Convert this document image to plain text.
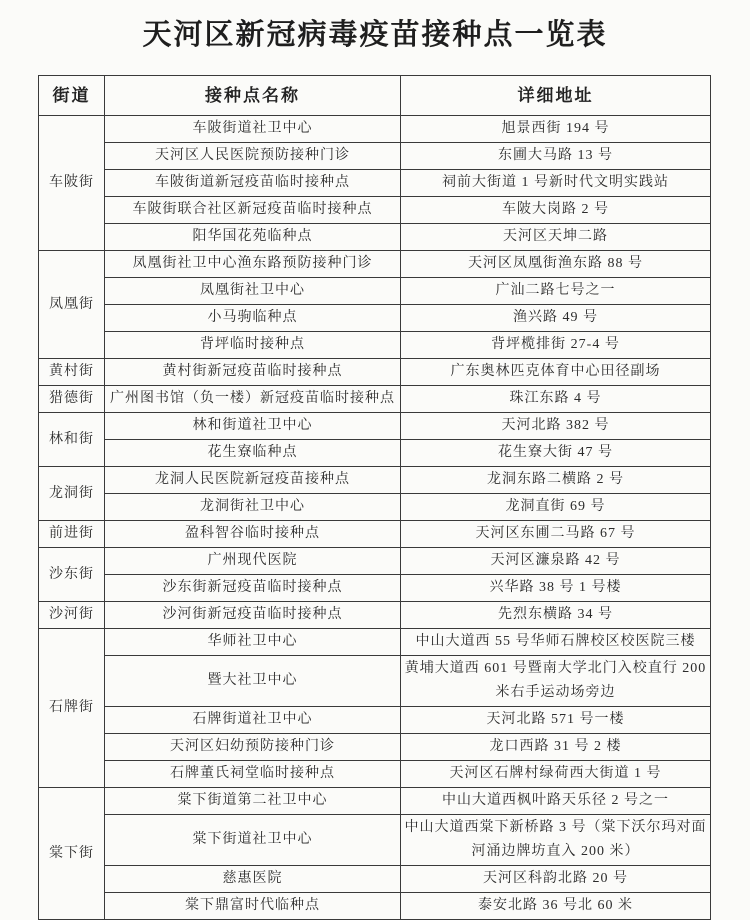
天河区新冠病毒疫苗接种点一览表
街道	接种点名称	详细地址
车陂街	车陂街道社卫中心	旭景西街 194 号
	天河区人民医院预防接种门诊	东圃大马路 13 号
	车陂街道新冠疫苗临时接种点	祠前大街道 1 号新时代文明实践站
	车陂街联合社区新冠疫苗临时接种点	车陂大岗路 2 号
	阳华国花苑临种点	天河区天坤二路
凤凰街	凤凰街社卫中心渔东路预防接种门诊	天河区凤凰街渔东路 88 号
	凤凰街社卫中心	广汕二路七号之一
	小马驹临种点	渔兴路 49 号
	背坪临时接种点	背坪榄排街 27-4 号
黄村街	黄村街新冠疫苗临时接种点	广东奥林匹克体育中心田径副场
猎德街	广州图书馆（负一楼）新冠疫苗临时接种点	珠江东路 4 号
林和街	林和街道社卫中心	天河北路 382 号
	花生寮临种点	花生寮大街 47 号
龙洞街	龙洞人民医院新冠疫苗接种点	龙洞东路二横路 2 号
	龙洞街社卫中心	龙洞直街 69 号
前进街	盈科智谷临时接种点	天河区东圃二马路 67 号
沙东街	广州现代医院	天河区濂泉路 42 号
	沙东街新冠疫苗临时接种点	兴华路 38 号 1 号楼
沙河街	沙河街新冠疫苗临时接种点	先烈东横路 34 号
石牌街	华师社卫中心	中山大道西 55 号华师石牌校区校医院三楼
	暨大社卫中心	黄埔大道西 601 号暨南大学北门入校直行 200 米右手运动场旁边
	石牌街道社卫中心	天河北路 571 号一楼
	天河区妇幼预防接种门诊	龙口西路 31 号 2 楼
	石牌董氏祠堂临时接种点	天河区石牌村绿荷西大街道 1 号
棠下街	棠下街道第二社卫中心	中山大道西枫叶路天乐径 2 号之一
	棠下街道社卫中心	中山大道西棠下新桥路 3 号（棠下沃尔玛对面河涌边牌坊直入 200 米）
	慈惠医院	天河区科韵北路 20 号
	棠下鼎富时代临种点	泰安北路 36 号北 60 米
